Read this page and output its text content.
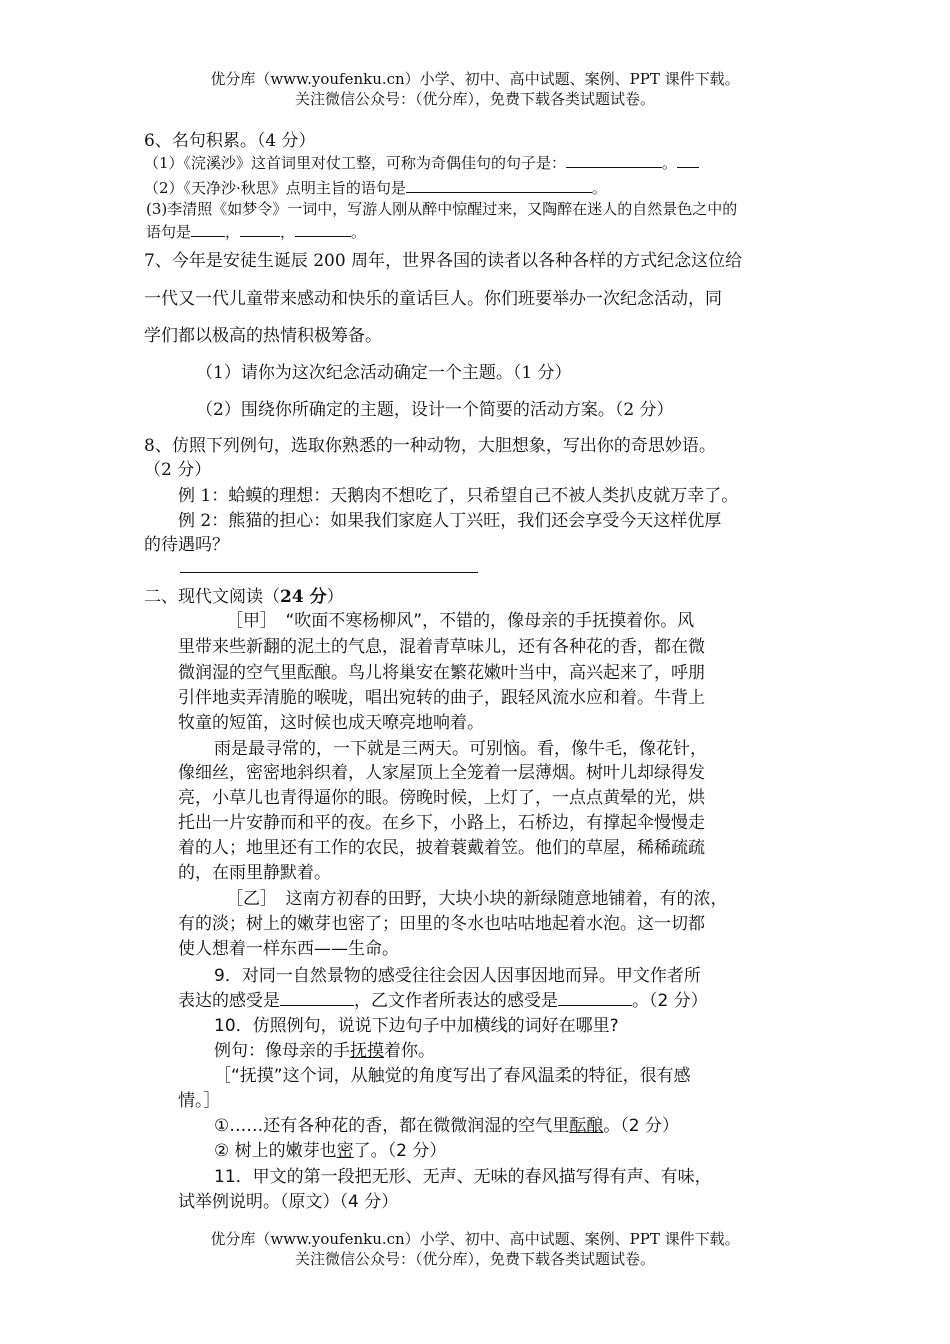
优分库（www.youfenku.cn）小学、初中、高中试题、案例、PPT 课件下载。
关注微信公众号：（优分库），免费下载各类试题试卷。
6、名句积累。（4 分）
（1）《浣溪沙》这首词里对仗工整，可称为奇偶佳句的句子是：	。
（2）《天净沙·秋思》点明主旨的语句是	。
(3)李清照《如梦令》一词中，写游人刚从醉中惊醒过来，又陶醉在迷人的自然景色之中的
语句是 ，	，	。
7、今年是安徒生诞辰 200 周年，世界各国的读者以各种各样的方式纪念这位给
一代又一代儿童带来感动和快乐的童话巨人。你们班要举办一次纪念活动，同
学们都以极高的热情积极筹备。
（1）请你为这次纪念活动确定一个主题。（1 分）
（2）围绕你所确定的主题，设计一个简要的活动方案。（2 分）
8、仿照下列例句，选取你熟悉的一种动物，大胆想象，写出你的奇思妙语。
（2 分）
例 1：蛤蟆的理想：天鹅肉不想吃了，只希望自己不被人类扒皮就万幸了。
例 2：熊猫的担心：如果我们家庭人丁兴旺，我们还会享受今天这样优厚
的待遇吗？
二、现代文阅读（24 分）
［甲］　“吹面不寒杨柳风”，不错的，像母亲的手抚摸着你。风
里带来些新翻的泥土的气息，混着青草味儿，还有各种花的香，都在微
微润湿的空气里酝酿。鸟儿将巢安在繁花嫩叶当中，高兴起来了，呼朋
引伴地卖弄清脆的喉咙，唱出宛转的曲子，跟轻风流水应和着。牛背上
牧童的短笛，这时候也成天嘹亮地响着。
雨是最寻常的，一下就是三两天。可别恼。看，像牛毛，像花针，
像细丝，密密地斜织着，人家屋顶上全笼着一层薄烟。树叶儿却绿得发
亮，小草儿也青得逼你的眼。傍晚时候，上灯了，一点点黄晕的光，烘
托出一片安静而和平的夜。在乡下，小路上，石桥边，有撑起伞慢慢走
着的人；地里还有工作的农民，披着蓑戴着笠。他们的草屋，稀稀疏疏
的，在雨里静默着。
［乙］　这南方初春的田野，大块小块的新绿随意地铺着，有的浓，
有的淡；树上的嫩芽也密了；田里的冬水也咕咕地起着水泡。这一切都
使人想着一样东西——生命。
9．对同一自然景物的感受往往会因人因事因地而异。甲文作者所
表达的感受是	，乙文作者所表达的感受是	。（2 分）
10．仿照例句，说说下边句子中加横线的词好在哪里?
例句：像母亲的手抚摸着你。
［“抚摸”这个词，从触觉的角度写出了春风温柔的特征，很有感
情。］
①……还有各种花的香，都在微微润湿的空气里酝酿。（2 分）
② 树上的嫩芽也密了。（2 分）
11．甲文的第一段把无形、无声、无味的春风描写得有声、有味，
试举例说明。（原文）（4 分）
优分库（www.youfenku.cn）小学、初中、高中试题、案例、PPT 课件下载。
关注微信公众号：（优分库），免费下载各类试题试卷。
